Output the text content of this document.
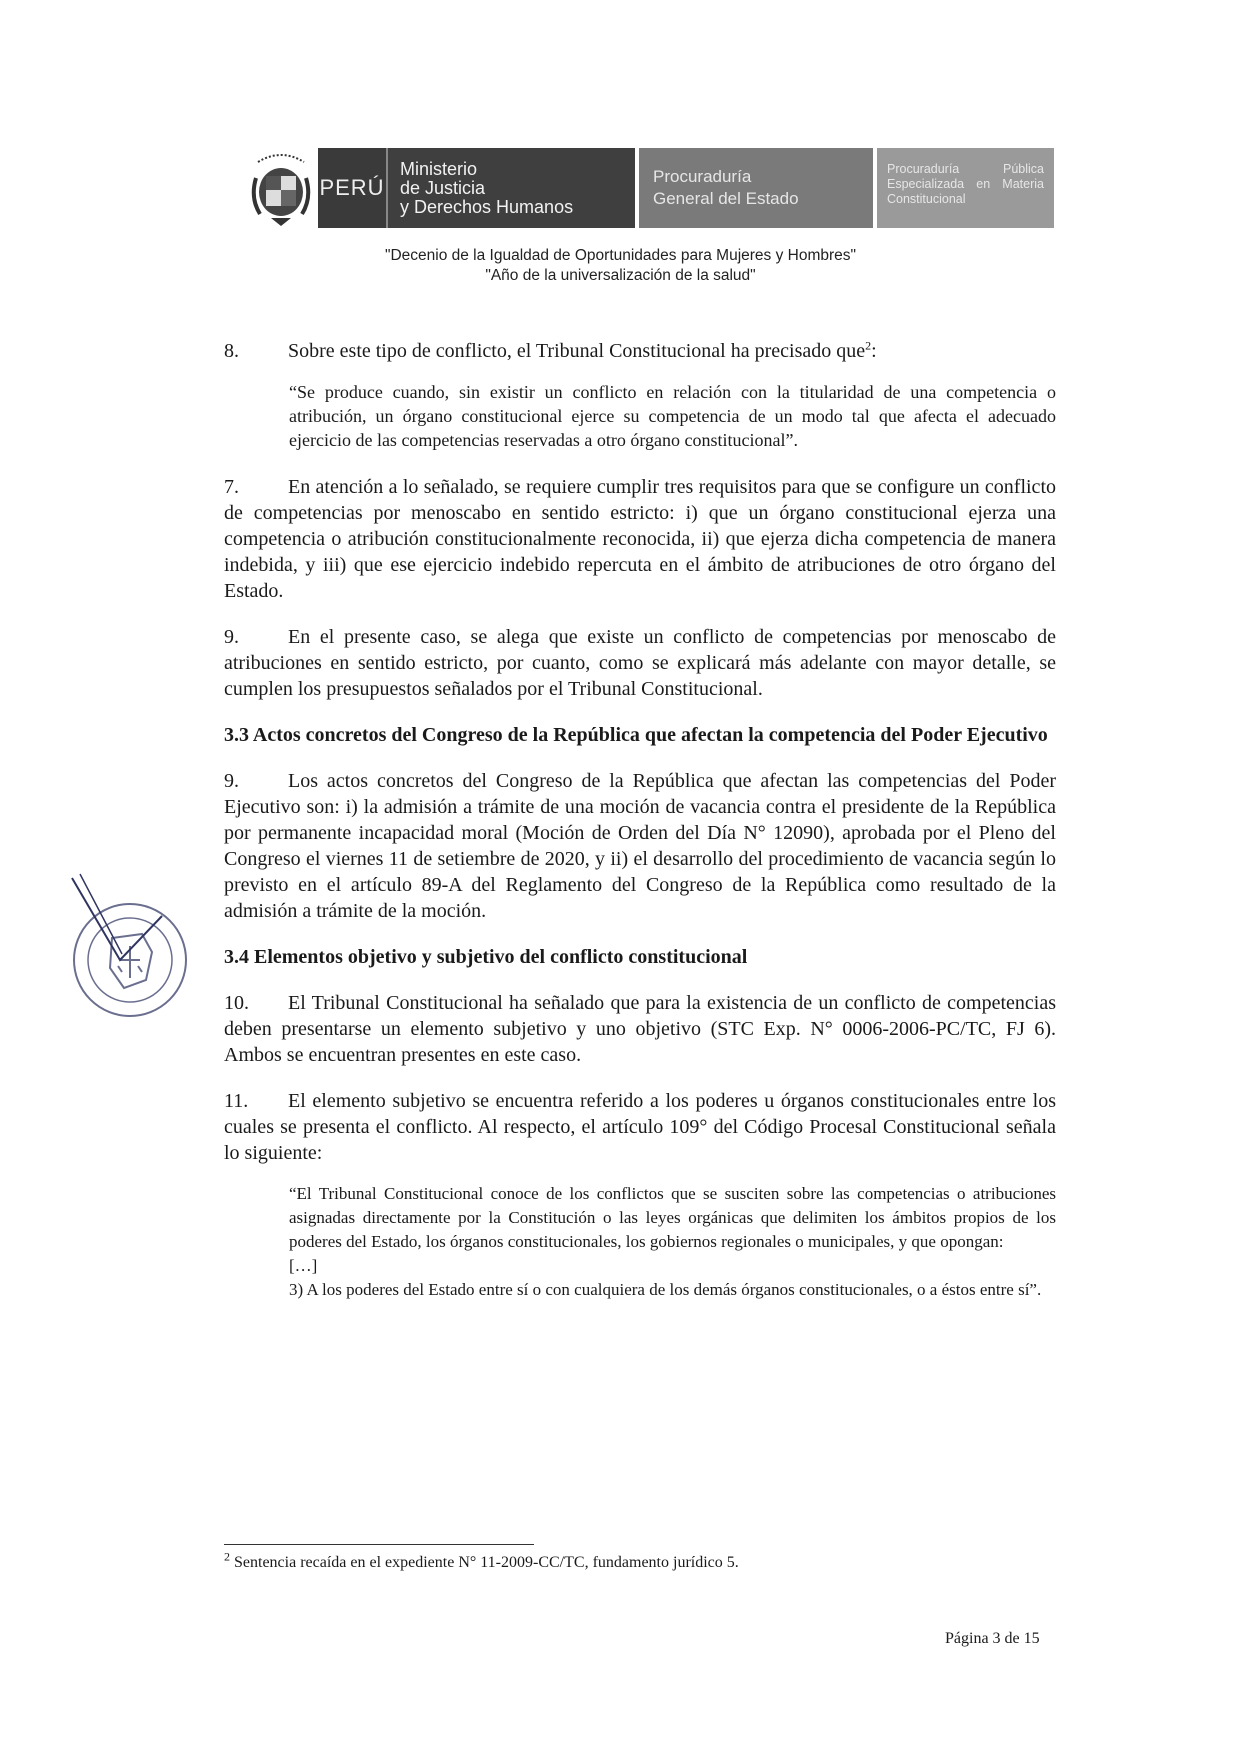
PERÚ
Ministerio
de Justicia
y Derechos Humanos
Procuraduría
General del Estado
Procuraduría	Pública
Especializada en Materia
Constitucional
"Decenio de la Igualdad de Oportunidades para Mujeres y Hombres"
"Año de la universalización de la salud"

8. Sobre este tipo de conflicto, el Tribunal Constitucional ha precisado que$^2$:

“Se produce cuando, sin existir un conflicto en relación con la titularidad de una competencia o atribución, un órgano constitucional ejerce su competencia de un modo tal que afecta el adecuado ejercicio de las competencias reservadas a otro órgano constitucional”.

7. En atención a lo señalado, se requiere cumplir tres requisitos para que se configure un conflicto de competencias por menoscabo en sentido estricto: i) que un órgano constitucional ejerza una competencia o atribución constitucionalmente reconocida, ii) que ejerza dicha competencia de manera indebida, y iii) que ese ejercicio indebido repercuta en el ámbito de atribuciones de otro órgano del Estado.

9. En el presente caso, se alega que existe un conflicto de competencias por menoscabo de atribuciones en sentido estricto, por cuanto, como se explicará más adelante con mayor detalle, se cumplen los presupuestos señalados por el Tribunal Constitucional.

3.3 Actos concretos del Congreso de la República que afectan la competencia del Poder Ejecutivo

9. Los actos concretos del Congreso de la República que afectan las competencias del Poder Ejecutivo son: i) la admisión a trámite de una moción de vacancia contra el presidente de la República por permanente incapacidad moral (Moción de Orden del Día N° 12090), aprobada por el Pleno del Congreso el viernes 11 de setiembre de 2020, y ii) el desarrollo del procedimiento de vacancia según lo previsto en el artículo 89-A del Reglamento del Congreso de la República como resultado de la admisión a trámite de la moción.

3.4 Elementos objetivo y subjetivo del conflicto constitucional

10. El Tribunal Constitucional ha señalado que para la existencia de un conflicto de competencias deben presentarse un elemento subjetivo y uno objetivo (STC Exp. N° 0006-2006-PC/TC, FJ 6). Ambos se encuentran presentes en este caso.

11. El elemento subjetivo se encuentra referido a los poderes u órganos constitucionales entre los cuales se presenta el conflicto. Al respecto, el artículo 109° del Código Procesal Constitucional señala lo siguiente:

“El Tribunal Constitucional conoce de los conflictos que se susciten sobre las competencias o atribuciones asignadas directamente por la Constitución o las leyes orgánicas que delimiten los ámbitos propios de los poderes del Estado, los órganos constitucionales, los gobiernos regionales o municipales, y que opongan:
[…]
3) A los poderes del Estado entre sí o con cualquiera de los demás órganos constitucionales, o a éstos entre sí”.
$^2$ Sentencia recaída en el expediente N° 11-2009-CC/TC, fundamento jurídico 5.
Página 3 de 15
